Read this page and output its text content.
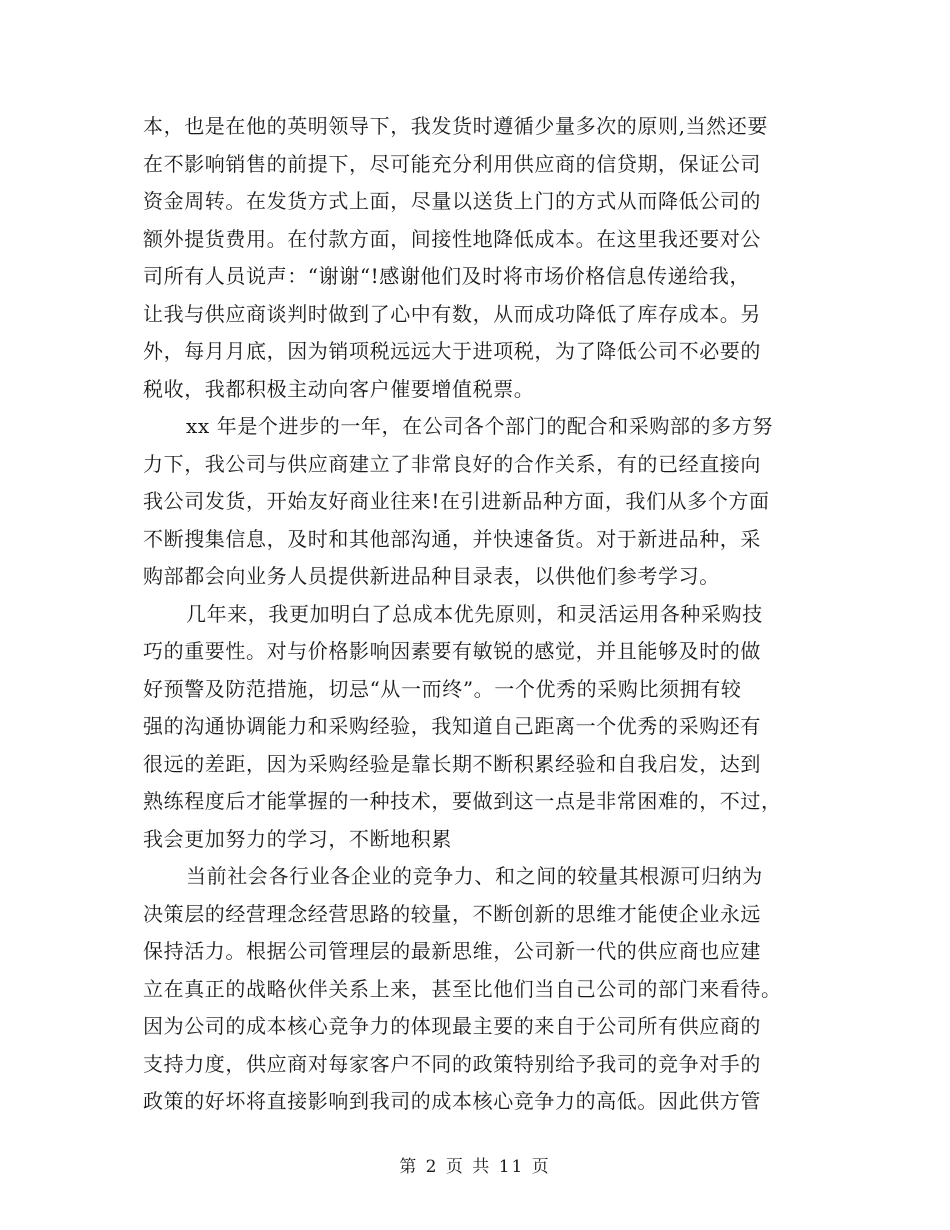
本，也是在他的英明领导下，我发货时遵循少量多次的原则,当然还要
在不影响销售的前提下，尽可能充分利用供应商的信贷期，保证公司
资金周转。在发货方式上面，尽量以送货上门的方式从而降低公司的
额外提货费用。在付款方面，间接性地降低成本。在这里我还要对公
司所有人员说声：“谢谢“!感谢他们及时将市场价格信息传递给我，
让我与供应商谈判时做到了心中有数，从而成功降低了库存成本。另
外，每月月底，因为销项税远远大于进项税，为了降低公司不必要的
税收，我都积极主动向客户催要增值税票。
xx 年是个进步的一年，在公司各个部门的配合和采购部的多方努
力下，我公司与供应商建立了非常良好的合作关系，有的已经直接向
我公司发货，开始友好商业往来!在引进新品种方面，我们从多个方面
不断搜集信息，及时和其他部沟通，并快速备货。对于新进品种，采
购部都会向业务人员提供新进品种目录表，以供他们参考学习。
几年来，我更加明白了总成本优先原则，和灵活运用各种采购技
巧的重要性。对与价格影响因素要有敏锐的感觉，并且能够及时的做
好预警及防范措施，切忌“从一而终”。一个优秀的采购比须拥有较
强的沟通协调能力和采购经验，我知道自己距离一个优秀的采购还有
很远的差距，因为采购经验是靠长期不断积累经验和自我启发，达到
熟练程度后才能掌握的一种技术，要做到这一点是非常困难的，不过，
我会更加努力的学习，不断地积累
当前社会各行业各企业的竞争力、和之间的较量其根源可归纳为
决策层的经营理念经营思路的较量，不断创新的思维才能使企业永远
保持活力。根据公司管理层的最新思维，公司新一代的供应商也应建
立在真正的战略伙伴关系上来，甚至比他们当自己公司的部门来看待。
因为公司的成本核心竞争力的体现最主要的来自于公司所有供应商的
支持力度，供应商对每家客户不同的政策特别给予我司的竞争对手的
政策的好坏将直接影响到我司的成本核心竞争力的高低。因此供方管
第 2 页 共 11 页
